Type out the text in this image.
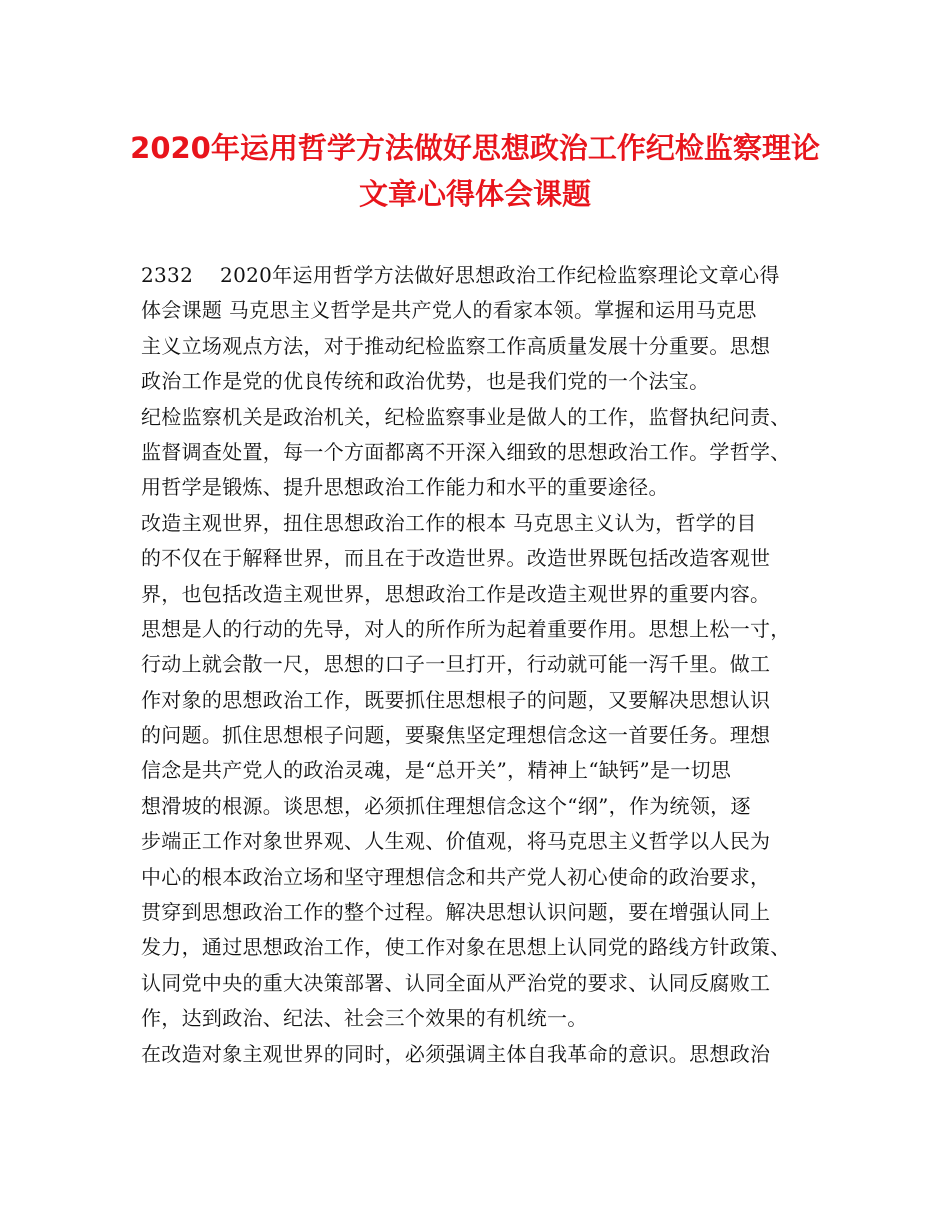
2020年运用哲学方法做好思想政治工作纪检监察理论
文章心得体会课题
2332　 2020年运用哲学方法做好思想政治工作纪检监察理论文章心得
体会课题 马克思主义哲学是共产党人的看家本领。掌握和运用马克思
主义立场观点方法，对于推动纪检监察工作高质量发展十分重要。思想
政治工作是党的优良传统和政治优势，也是我们党的一个法宝。
纪检监察机关是政治机关，纪检监察事业是做人的工作，监督执纪问责、
监督调查处置，每一个方面都离不开深入细致的思想政治工作。学哲学、
用哲学是锻炼、提升思想政治工作能力和水平的重要途径。
改造主观世界，扭住思想政治工作的根本 马克思主义认为，哲学的目
的不仅在于解释世界，而且在于改造世界。改造世界既包括改造客观世
界，也包括改造主观世界，思想政治工作是改造主观世界的重要内容。
思想是人的行动的先导，对人的所作所为起着重要作用。思想上松一寸，
行动上就会散一尺，思想的口子一旦打开，行动就可能一泻千里。做工
作对象的思想政治工作，既要抓住思想根子的问题，又要解决思想认识
的问题。抓住思想根子问题，要聚焦坚定理想信念这一首要任务。理想
信念是共产党人的政治灵魂，是“总开关”，精神上“缺钙”是一切思
想滑坡的根源。谈思想，必须抓住理想信念这个“纲”，作为统领，逐
步端正工作对象世界观、人生观、价值观，将马克思主义哲学以人民为
中心的根本政治立场和坚守理想信念和共产党人初心使命的政治要求，
贯穿到思想政治工作的整个过程。解决思想认识问题，要在增强认同上
发力，通过思想政治工作，使工作对象在思想上认同党的路线方针政策、
认同党中央的重大决策部署、认同全面从严治党的要求、认同反腐败工
作，达到政治、纪法、社会三个效果的有机统一。
在改造对象主观世界的同时，必须强调主体自我革命的意识。思想政治
